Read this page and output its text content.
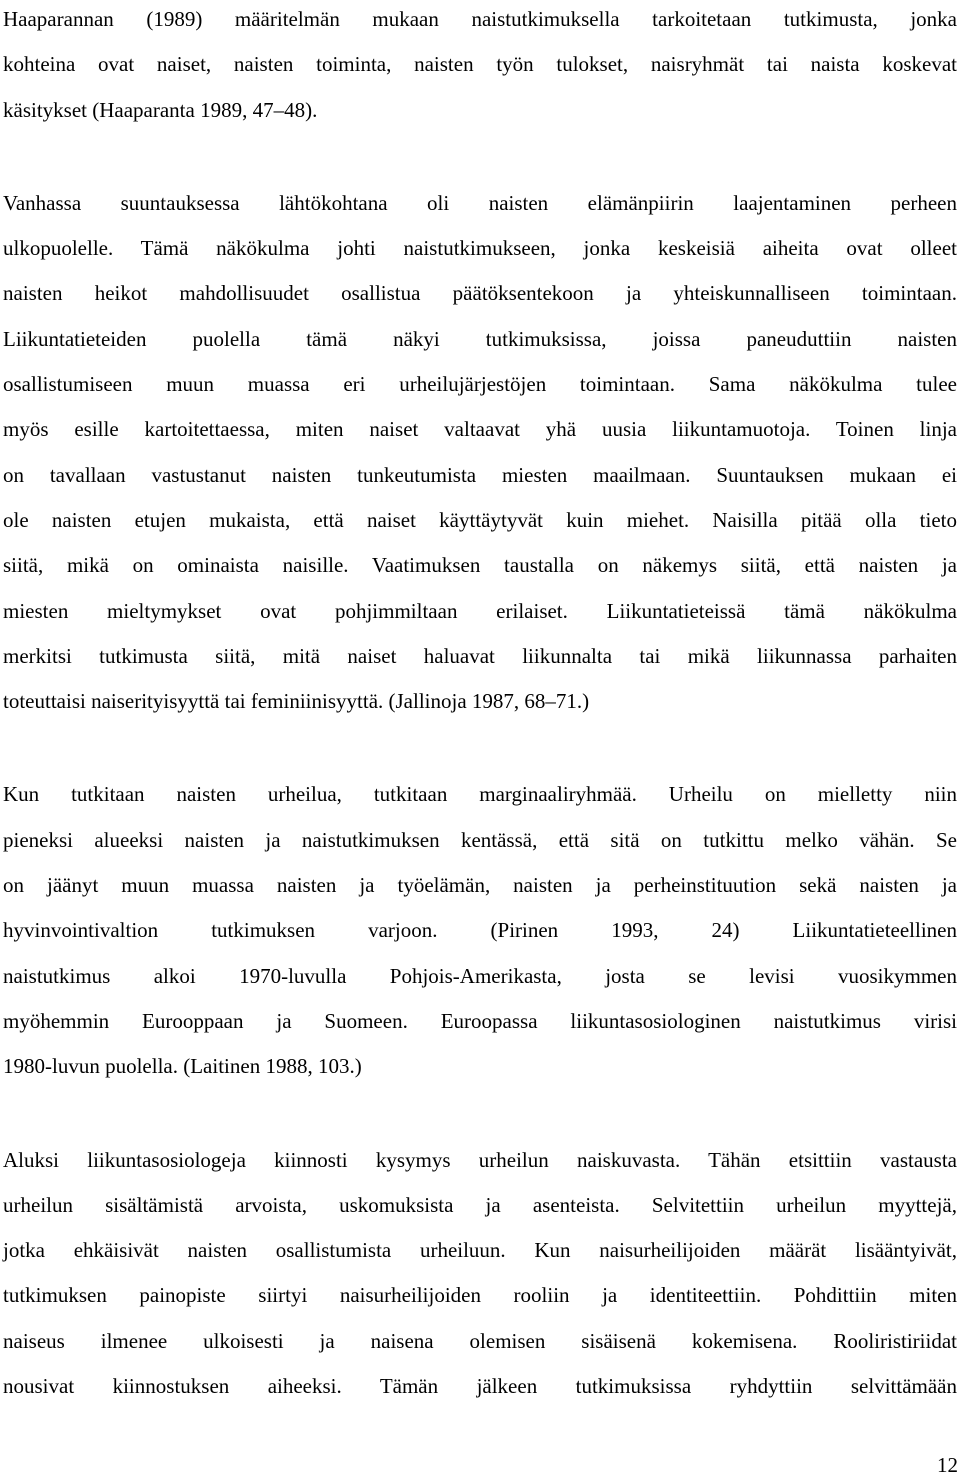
Haaparannan (1989) määritelmän mukaan naistutkimuksella tarkoitetaan tutkimusta, jonka
kohteina ovat naiset, naisten toiminta, naisten työn tulokset, naisryhmät tai naista koskevat
käsitykset (Haaparanta 1989, 47–48).
Vanhassa suuntauksessa lähtökohtana oli naisten elämänpiirin laajentaminen perheen
ulkopuolelle. Tämä näkökulma johti naistutkimukseen, jonka keskeisiä aiheita ovat olleet
naisten heikot mahdollisuudet osallistua päätöksentekoon ja yhteiskunnalliseen toimintaan.
Liikuntatieteiden puolella tämä näkyi tutkimuksissa, joissa paneuduttiin naisten
osallistumiseen muun muassa eri urheilujärjestöjen toimintaan. Sama näkökulma tulee
myös esille kartoitettaessa, miten naiset valtaavat yhä uusia liikuntamuotoja. Toinen linja
on tavallaan vastustanut naisten tunkeutumista miesten maailmaan. Suuntauksen mukaan ei
ole naisten etujen mukaista, että naiset käyttäytyvät kuin miehet. Naisilla pitää olla tieto
siitä, mikä on ominaista naisille. Vaatimuksen taustalla on näkemys siitä, että naisten ja
miesten mieltymykset ovat pohjimmiltaan erilaiset. Liikuntatieteissä tämä näkökulma
merkitsi tutkimusta siitä, mitä naiset haluavat liikunnalta tai mikä liikunnassa parhaiten
toteuttaisi naiserityisyyttä tai feminiinisyyttä. (Jallinoja 1987, 68–71.)
Kun tutkitaan naisten urheilua, tutkitaan marginaaliryhmää. Urheilu on mielletty niin
pieneksi alueeksi naisten ja naistutkimuksen kentässä, että sitä on tutkittu melko vähän. Se
on jäänyt muun muassa naisten ja työelämän, naisten ja perheinstituution sekä naisten ja
hyvinvointivaltion tutkimuksen varjoon. (Pirinen 1993, 24) Liikuntatieteellinen
naistutkimus alkoi 1970-luvulla Pohjois-Amerikasta, josta se levisi vuosikymmen
myöhemmin Eurooppaan ja Suomeen. Euroopassa liikuntasosiologinen naistutkimus virisi
1980-luvun puolella. (Laitinen 1988, 103.)
Aluksi liikuntasosiologeja kiinnosti kysymys urheilun naiskuvasta. Tähän etsittiin vastausta
urheilun sisältämistä arvoista, uskomuksista ja asenteista. Selvitettiin urheilun myyttejä,
jotka ehkäisivät naisten osallistumista urheiluun. Kun naisurheilijoiden määrät lisääntyivät,
tutkimuksen painopiste siirtyi naisurheilijoiden rooliin ja identiteettiin. Pohdittiin miten
naiseus ilmenee ulkoisesti ja naisena olemisen sisäisenä kokemisena. Rooliristiriidat
nousivat kiinnostuksen aiheeksi. Tämän jälkeen tutkimuksissa ryhdyttiin selvittämään
12
